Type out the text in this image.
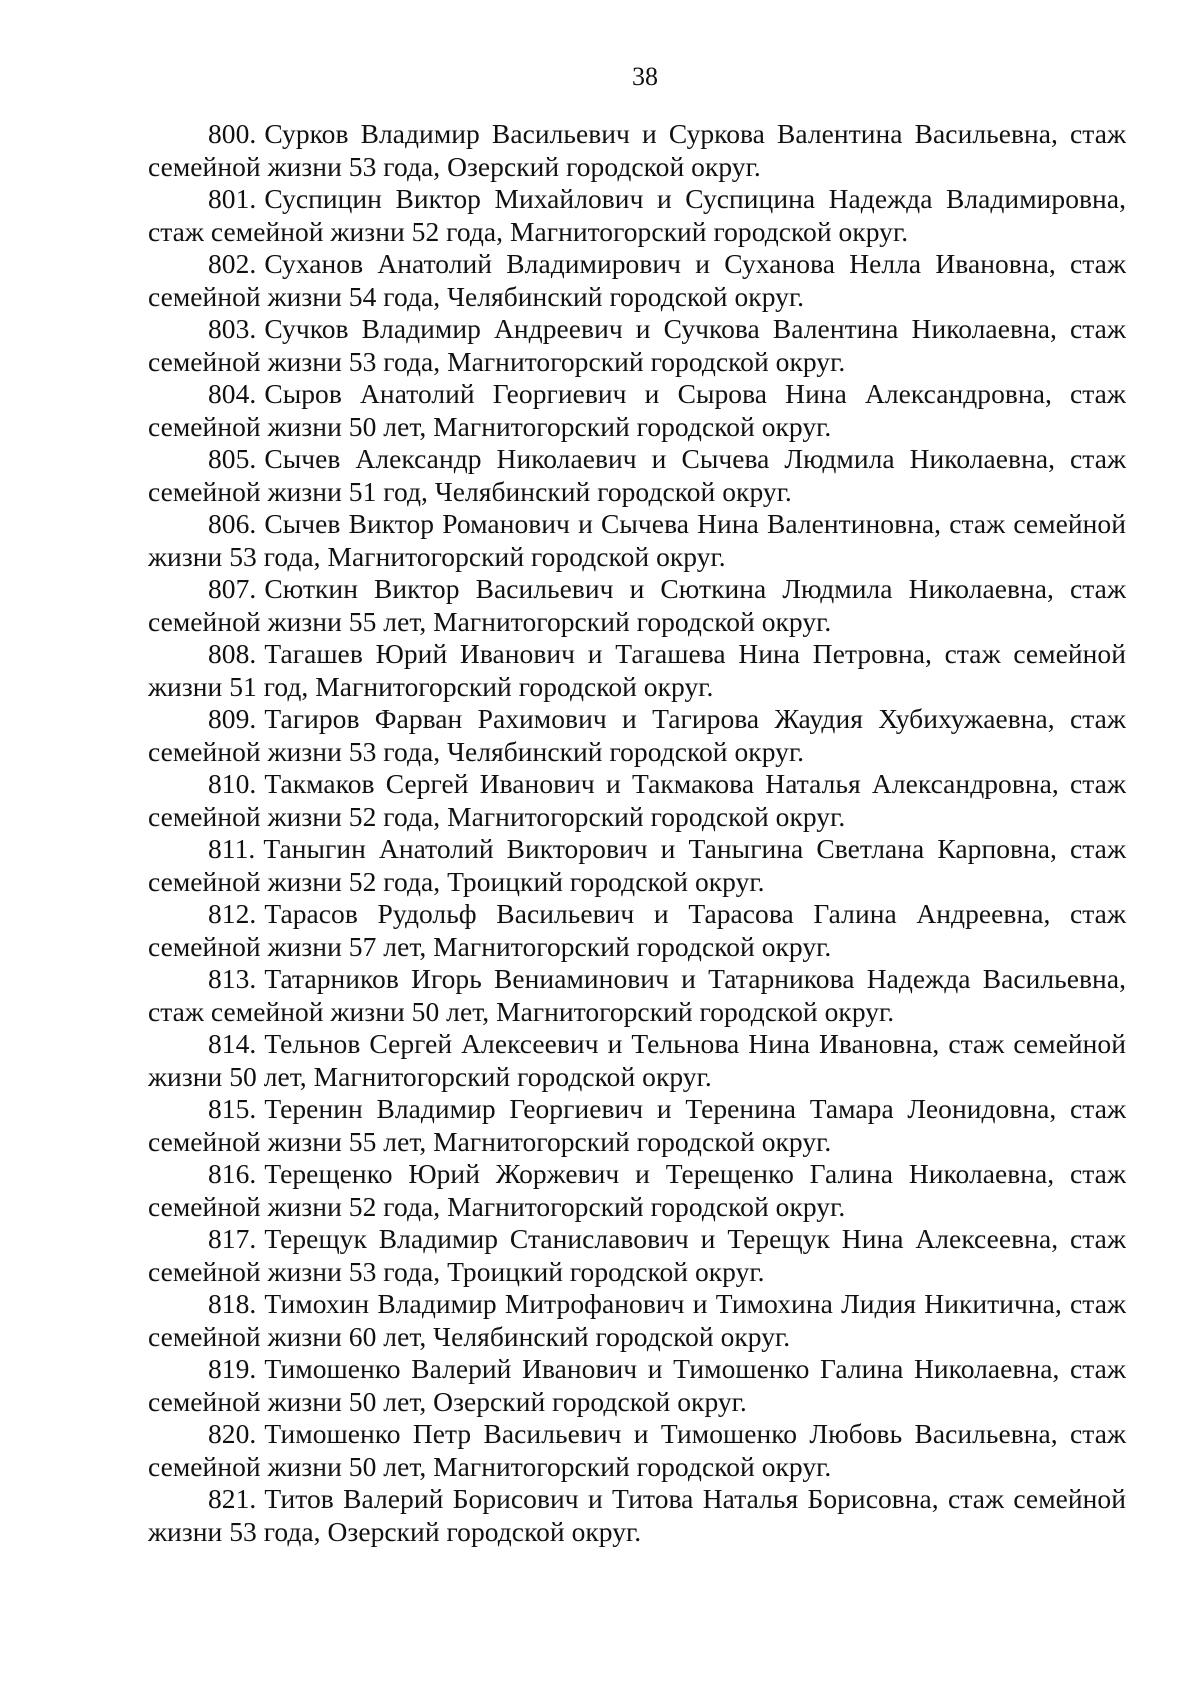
38

800. Сурков Владимир Васильевич и Суркова Валентина Васильевна, стаж семейной жизни 53 года, Озерский городской округ.

801. Суспицин Виктор Михайлович и Суспицина Надежда Владимировна, стаж семейной жизни 52 года, Магнитогорский городской округ.

802. Суханов Анатолий Владимирович и Суханова Нелла Ивановна, стаж семейной жизни 54 года, Челябинский городской округ.

803. Сучков Владимир Андреевич и Сучкова Валентина Николаевна, стаж семейной жизни 53 года, Магнитогорский городской округ.

804. Сыров Анатолий Георгиевич и Сырова Нина Александровна, стаж семейной жизни 50 лет, Магнитогорский городской округ.

805. Сычев Александр Николаевич и Сычева Людмила Николаевна, стаж семейной жизни 51 год, Челябинский городской округ.

806. Сычев Виктор Романович и Сычева Нина Валентиновна, стаж семейной жизни 53 года, Магнитогорский городской округ.

807. Сюткин Виктор Васильевич и Сюткина Людмила Николаевна, стаж семейной жизни 55 лет, Магнитогорский городской округ.

808. Тагашев Юрий Иванович и Тагашева Нина Петровна, стаж семейной жизни 51 год, Магнитогорский городской округ.

809. Тагиров Фарван Рахимович и Тагирова Жаудия Хубихужаевна, стаж семейной жизни 53 года, Челябинский городской округ.

810. Такмаков Сергей Иванович и Такмакова Наталья Александровна, стаж семейной жизни 52 года, Магнитогорский городской округ.

811. Таныгин Анатолий Викторович и Таныгина Светлана Карповна, стаж семейной жизни 52 года, Троицкий городской округ.

812. Тарасов Рудольф Васильевич и Тарасова Галина Андреевна, стаж семейной жизни 57 лет, Магнитогорский городской округ.

813. Татарников Игорь Вениаминович и Татарникова Надежда Васильевна, стаж семейной жизни 50 лет, Магнитогорский городской округ.

814. Тельнов Сергей Алексеевич и Тельнова Нина Ивановна, стаж семейной жизни 50 лет, Магнитогорский городской округ.

815. Теренин Владимир Георгиевич и Теренина Тамара Леонидовна, стаж семейной жизни 55 лет, Магнитогорский городской округ.

816. Терещенко Юрий Жоржевич и Терещенко Галина Николаевна, стаж семейной жизни 52 года, Магнитогорский городской округ.

817. Терещук Владимир Станиславович и Терещук Нина Алексеевна, стаж семейной жизни 53 года, Троицкий городской округ.

818. Тимохин Владимир Митрофанович и Тимохина Лидия Никитична, стаж семейной жизни 60 лет, Челябинский городской округ.

819. Тимошенко Валерий Иванович и Тимошенко Галина Николаевна, стаж семейной жизни 50 лет, Озерский городской округ.

820. Тимошенко Петр Васильевич и Тимошенко Любовь Васильевна, стаж семейной жизни 50 лет, Магнитогорский городской округ.

821. Титов Валерий Борисович и Титова Наталья Борисовна, стаж семейной жизни 53 года, Озерский городской округ.
